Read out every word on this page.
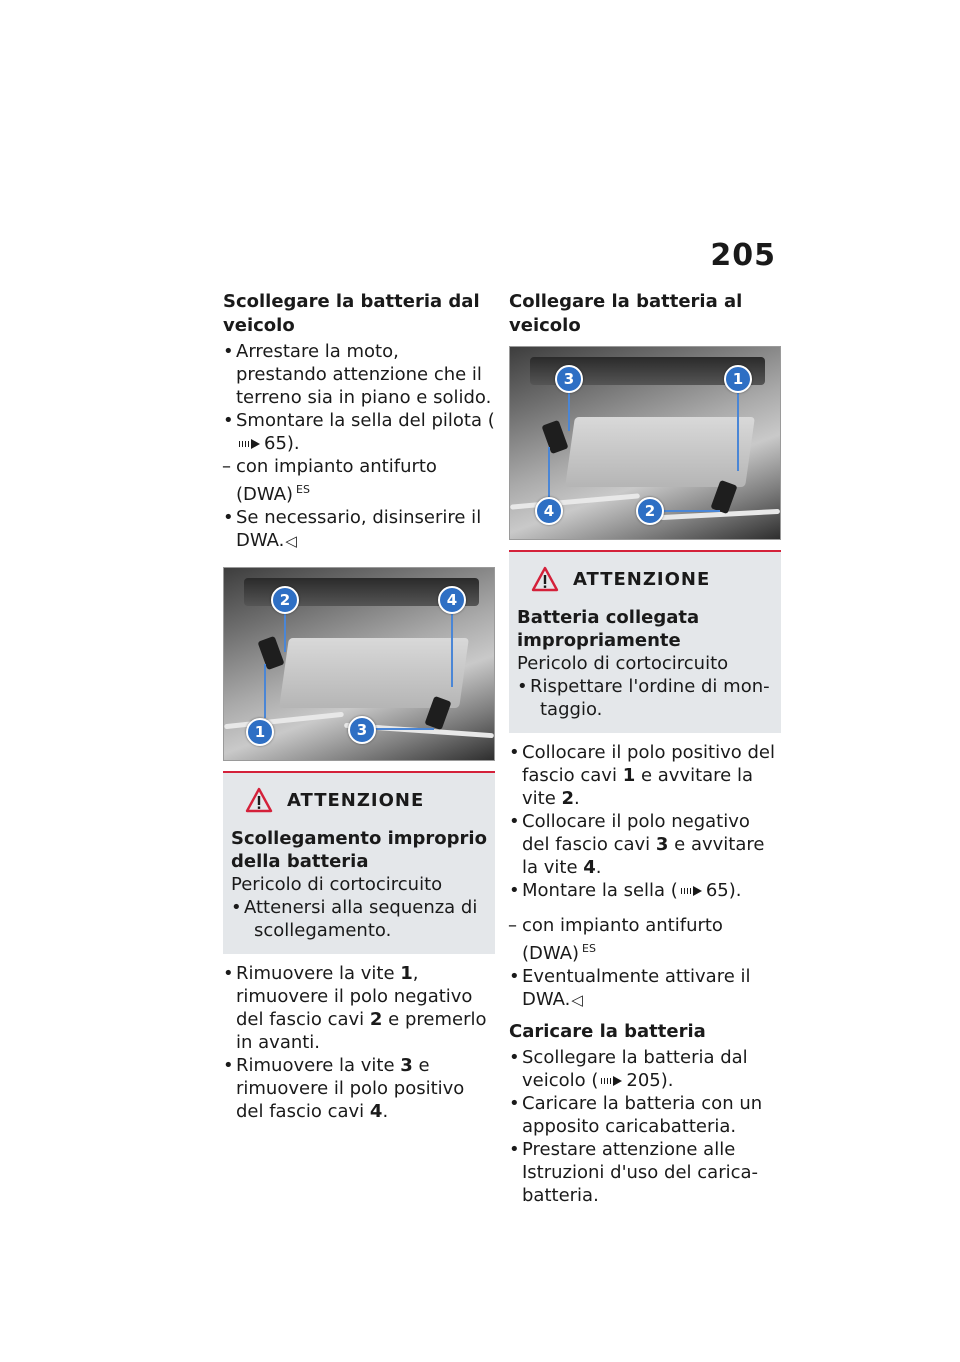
205
Scollegare la batteria dal veicolo
• Arrestare la moto, prestando attenzione che il terreno sia in piano e solido.
• Smontare la sella del pilota (65).
– con impianto antifurto (DWA) $^{ES}$
• Se necessario, disinserire il DWA.◁
2	4
1	3
ATTENZIONE
Scollegamento improprio della batteria
Pericolo di cortocircuito
• Attenersi alla sequenza di
scollegamento.
• Rimuovere la vite 1, rimuovere il polo negativo del fascio cavi 2 e premerlo in avanti.
• Rimuovere la vite 3 e rimuovere il polo positivo del fascio cavi 4.
Collegare la batteria al veicolo
3	1
4	2
ATTENZIONE
Batteria collegata impropriamente
Pericolo di cortocircuito
• Rispettare l'ordine di mon-
taggio.
• Collocare il polo positivo del fascio cavi 1 e avvitare la vite 2.
• Collocare il polo negativo del fascio cavi 3 e avvitare la vite 4.
• Montare la sella ( 65).
– con impianto antifurto (DWA) $^{ES}$
• Eventualmente attivare il DWA.◁
Caricare la batteria
• Scollegare la batteria dal veicolo ( 205).
• Caricare la batteria con un apposito caricabatteria.
• Prestare attenzione alle Istruzioni d'uso del carica-batteria.
